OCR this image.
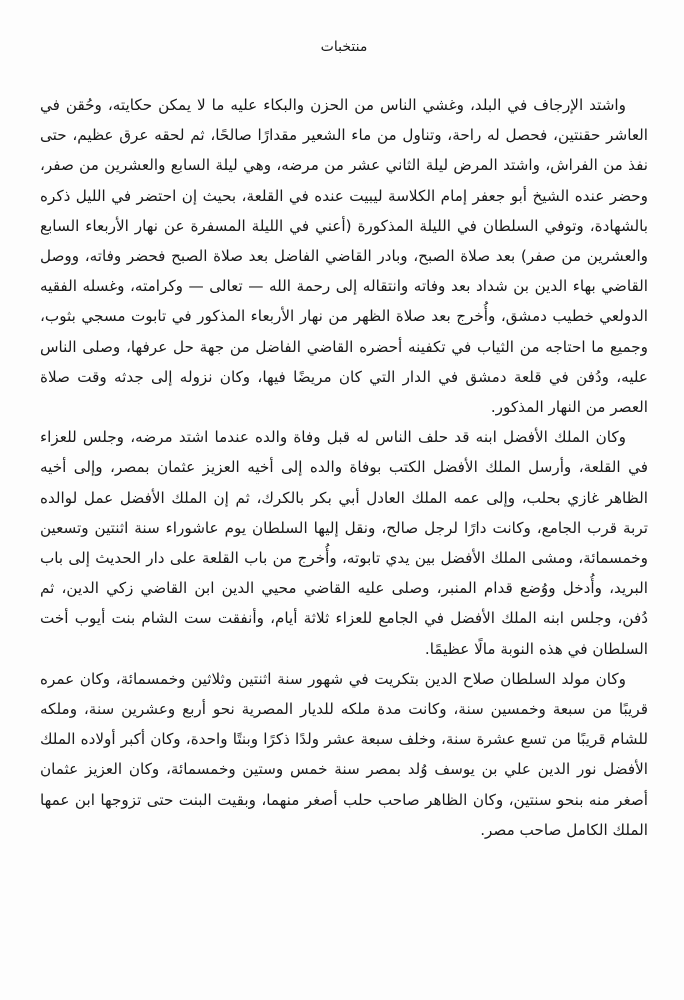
منتخبات

واشتد الإرجاف في البلد، وغشي الناس من الحزن والبكاء عليه ما لا يمكن حكايته، وحُقن في العاشر حقنتين، فحصل له راحة، وتناول من ماء الشعير مقدارًا صالحًا، ثم لحقه عرق عظيم، حتى نفذ من الفراش، واشتد المرض ليلة الثاني عشر من مرضه، وهي ليلة السابع والعشرين من صفر، وحضر عنده الشيخ أبو جعفر إمام الكلاسة ليبيت عنده في القلعة، بحيث إن احتضر في الليل ذكره بالشهادة، وتوفي السلطان في الليلة المذكورة (أعني في الليلة المسفرة عن نهار الأربعاء السابع والعشرين من صفر) بعد صلاة الصبح، وبادر القاضي الفاضل بعد صلاة الصبح فحضر وفاته، ووصل القاضي بهاء الدين بن شداد بعد وفاته وانتقاله إلى رحمة الله — تعالى — وكرامته، وغسله الفقيه الدولعي خطيب دمشق، وأُخرج بعد صلاة الظهر من نهار الأربعاء المذكور في تابوت مسجي بثوب، وجميع ما احتاجه من الثياب في تكفينه أحضره القاضي الفاضل من جهة حل عرفها، وصلى الناس عليه، ودُفن في قلعة دمشق في الدار التي كان مريضًا فيها، وكان نزوله إلى جدثه وقت صلاة العصر من النهار المذكور.

وكان الملك الأفضل ابنه قد حلف الناس له قبل وفاة والده عندما اشتد مرضه، وجلس للعزاء في القلعة، وأرسل الملك الأفضل الكتب بوفاة والده إلى أخيه العزيز عثمان بمصر، وإلى أخيه الظاهر غازي بحلب، وإلى عمه الملك العادل أبي بكر بالكرك، ثم إن الملك الأفضل عمل لوالده تربة قرب الجامع، وكانت دارًا لرجل صالح، ونقل إليها السلطان يوم عاشوراء سنة اثنتين وتسعين وخمسمائة، ومشى الملك الأفضل بين يدي تابوته، وأُخرج من باب القلعة على دار الحديث إلى باب البريد، وأُدخل ووُضع قدام المنبر، وصلى عليه القاضي محيي الدين ابن القاضي زكي الدين، ثم دُفن، وجلس ابنه الملك الأفضل في الجامع للعزاء ثلاثة أيام، وأنفقت ست الشام بنت أيوب أخت السلطان في هذه النوبة مالًا عظيمًا.

وكان مولد السلطان صلاح الدين بتكريت في شهور سنة اثنتين وثلاثين وخمسمائة، وكان عمره قريبًا من سبعة وخمسين سنة، وكانت مدة ملكه للديار المصرية نحو أربع وعشرين سنة، وملكه للشام قريبًا من تسع عشرة سنة، وخلف سبعة عشر ولدًا ذكرًا وبنتًا واحدة، وكان أكبر أولاده الملك الأفضل نور الدين علي بن يوسف وُلد بمصر سنة خمس وستين وخمسمائة، وكان العزيز عثمان أصغر منه بنحو سنتين، وكان الظاهر صاحب حلب أصغر منهما، وبقيت البنت حتى تزوجها ابن عمها الملك الكامل صاحب مصر.
